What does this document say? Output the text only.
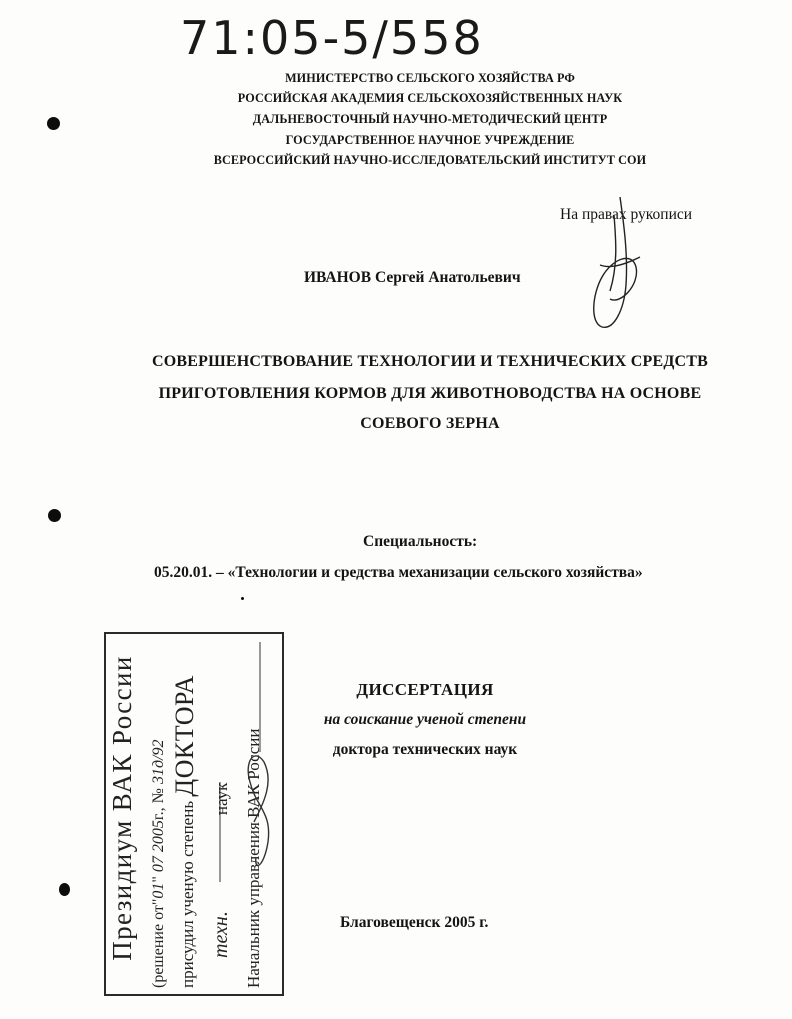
71:05-5/558
МИНИСТЕРСТВО СЕЛЬСКОГО ХОЗЯЙСТВА РФ
РОССИЙСКАЯ АКАДЕМИЯ СЕЛЬСКОХОЗЯЙСТВЕННЫХ НАУК
ДАЛЬНЕВОСТОЧНЫЙ НАУЧНО-МЕТОДИЧЕСКИЙ ЦЕНТР
ГОСУДАРСТВЕННОЕ НАУЧНОЕ УЧРЕЖДЕНИЕ
ВСЕРОССИЙСКИЙ НАУЧНО-ИССЛЕДОВАТЕЛЬСКИЙ ИНСТИТУТ СОИ
На правах рукописи
ИВАНОВ Сергей Анатольевич
СОВЕРШЕНСТВОВАНИЕ ТЕХНОЛОГИИ И ТЕХНИЧЕСКИХ СРЕДСТВ
ПРИГОТОВЛЕНИЯ КОРМОВ ДЛЯ ЖИВОТНОВОДСТВА НА ОСНОВЕ
СОЕВОГО ЗЕРНА
Специальность:
05.20.01. – «Технологии и средства механизации сельского хозяйства»
ДИССЕРТАЦИЯ
на соискание ученой степени
доктора технических наук
Благовещенск 2005 г.
Президиум ВАК России (решение от"01" 07 2005г., № 31д/92
присудил ученую степень ДОКТОРА
техн.наук Начальник управления ВАК России
